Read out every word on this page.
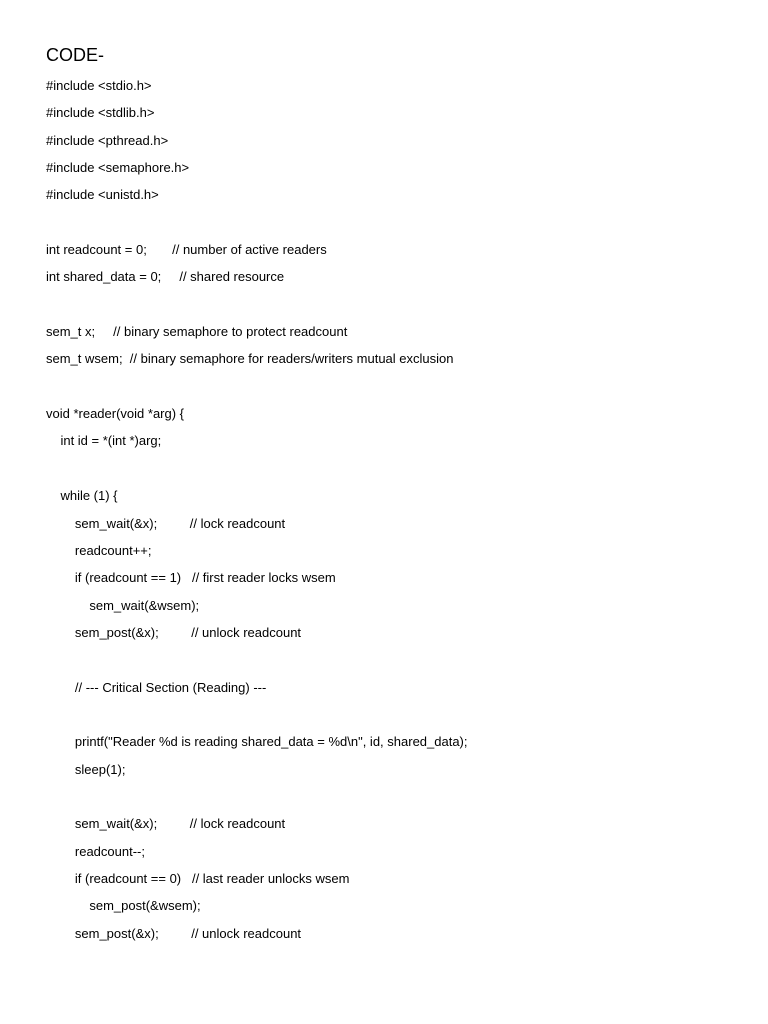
CODE-
#include <stdio.h>
#include <stdlib.h>
#include <pthread.h>
#include <semaphore.h>
#include <unistd.h>
int readcount = 0;       // number of active readers
int shared_data = 0;     // shared resource
sem_t x;     // binary semaphore to protect readcount
sem_t wsem;  // binary semaphore for readers/writers mutual exclusion
void *reader(void *arg) {
int id = *(int *)arg;
while (1) {
sem_wait(&x);         // lock readcount
readcount++;
if (readcount == 1)   // first reader locks wsem
sem_wait(&wsem);
sem_post(&x);         // unlock readcount
// --- Critical Section (Reading) ---
printf("Reader %d is reading shared_data = %d\n", id, shared_data);
sleep(1);
sem_wait(&x);         // lock readcount
readcount--;
if (readcount == 0)   // last reader unlocks wsem
sem_post(&wsem);
sem_post(&x);         // unlock readcount
